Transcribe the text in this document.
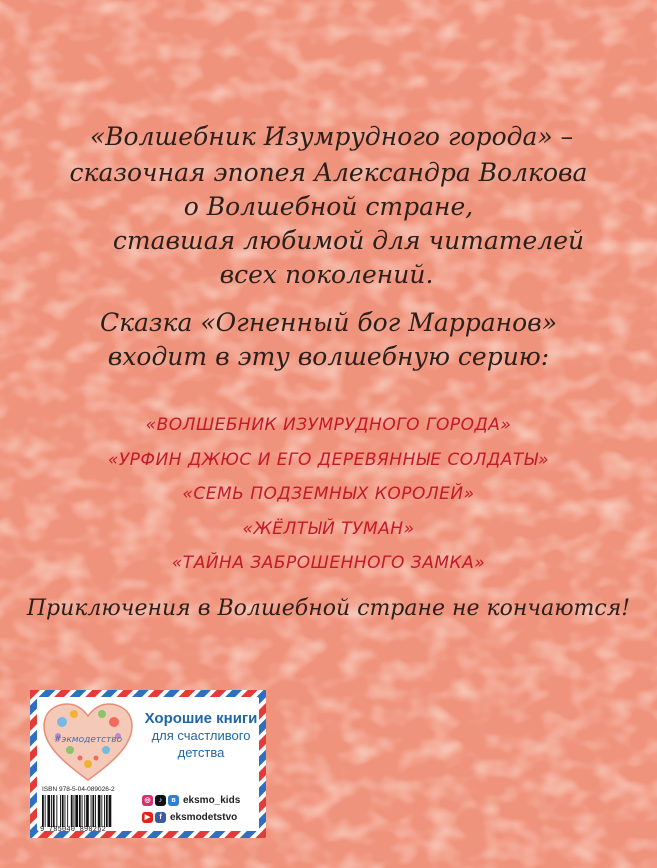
«Волшебник Изумрудного города» –
сказочная эпопея Александра Волкова
о Волшебной стране,
ставшая любимой для читателей
всех поколений.
Сказка «Огненный бог Марранов»
входит в эту волшебную серию:
«ВОЛШЕБНИК ИЗУМРУДНОГО ГОРОДА»
«УРФИН ДЖЮС И ЕГО ДЕРЕВЯННЫЕ СОЛДАТЫ»
«СЕМЬ ПОДЗЕМНЫХ КОРОЛЕЙ»
«ЖЁЛТЫЙ ТУМАН»
«ТАЙНА ЗАБРОШЕННОГО ЗАМКА»
Приключения в Волшебной стране не кончаются!
#экмодетство
Хорошие книги
для счастливого детства
ISBN 978-5-04-089026-2
9 785040 890262
◎ ♪ в eksmo_kids
▶ f eksmodetstvo
